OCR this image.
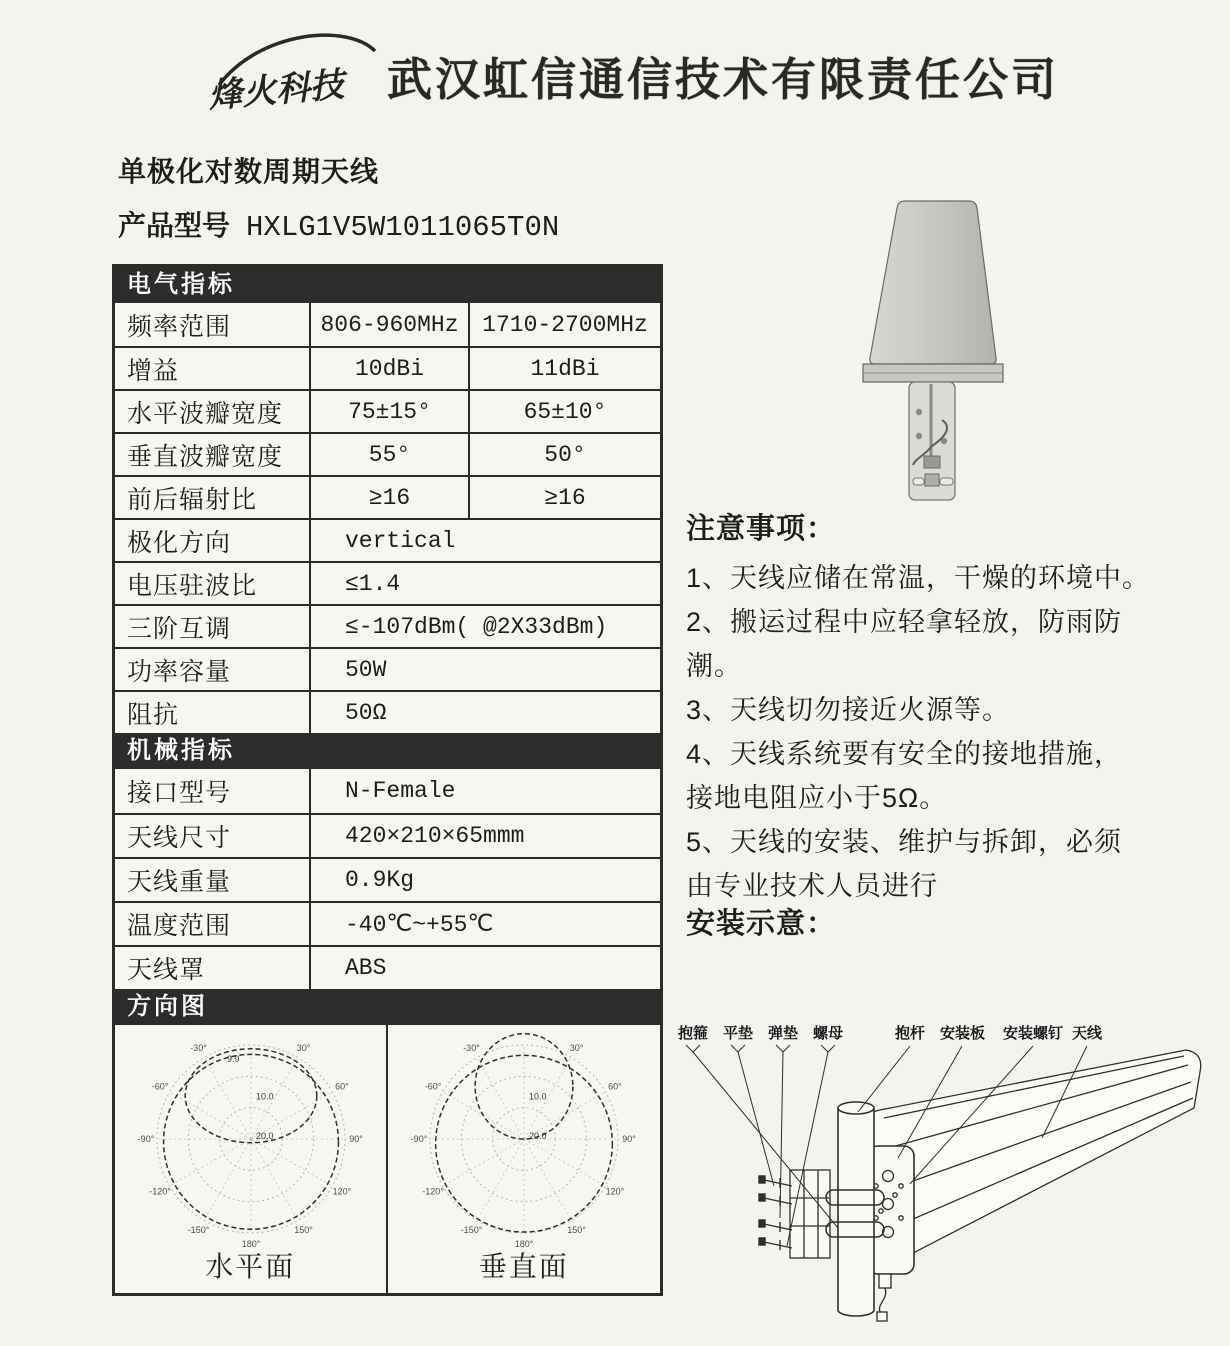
烽火科技 武汉虹信通信技术有限责任公司
单极化对数周期天线
产品型号 HXLG1V5W1011065T0N
电气指标
频率范围	806-960MHz	1710-2700MHz
增益	10dBi	11dBi
水平波瓣宽度	75±15°	65±10°
垂直波瓣宽度	55°	50°
前后辐射比	≥16	≥16
极化方向	vertical
电压驻波比	≤1.4
三阶互调	≤-107dBm( @2X33dBm)
功率容量	50W
阻抗	50Ω
机械指标
接口型号	N-Female
天线尺寸	420×210×65mmm
天线重量	0.9Kg
温度范围	-40℃~+55℃
天线罩	ABS
方向图
-30°	30°
-60°	60°
-90°	90°
-120°	120°
-150°	150°
180°
10.0
20.0
9.9
水平面
-30°	30°
-60°	60°
-90°	90°
-120°	120°
-150°	150°
180°
10.0
20.0
垂直面
注意事项：
1、天线应储在常温，干燥的环境中。
2、搬运过程中应轻拿轻放，防雨防
潮。
3、天线切勿接近火源等。
4、天线系统要有安全的接地措施，
接地电阻应小于5Ω。
5、天线的安装、维护与拆卸，必须
由专业技术人员进行
安装示意：
抱箍 平垫 弹垫 螺母	抱杆 安装板 安装螺钉 天线
